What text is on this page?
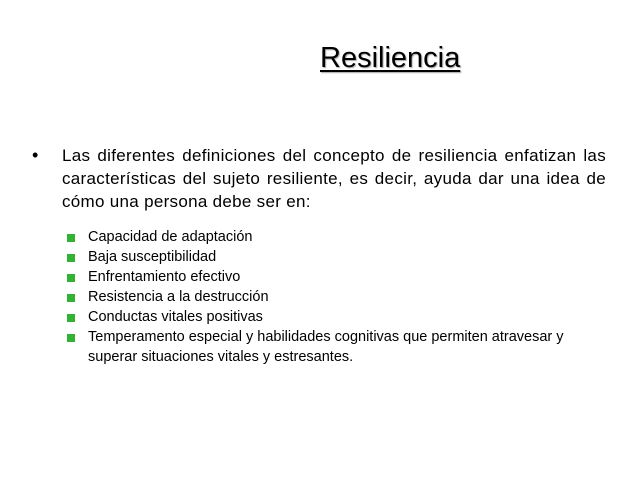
Resiliencia
•	Las diferentes definiciones del concepto de resiliencia enfatizan las características del sujeto resiliente, es decir, ayuda dar una idea de cómo una persona debe ser en:
Capacidad de adaptación
Baja susceptibilidad
Enfrentamiento efectivo
Resistencia a la destrucción
Conductas vitales positivas
Temperamento especial y habilidades cognitivas que permiten atravesar y superar situaciones vitales y estresantes.
